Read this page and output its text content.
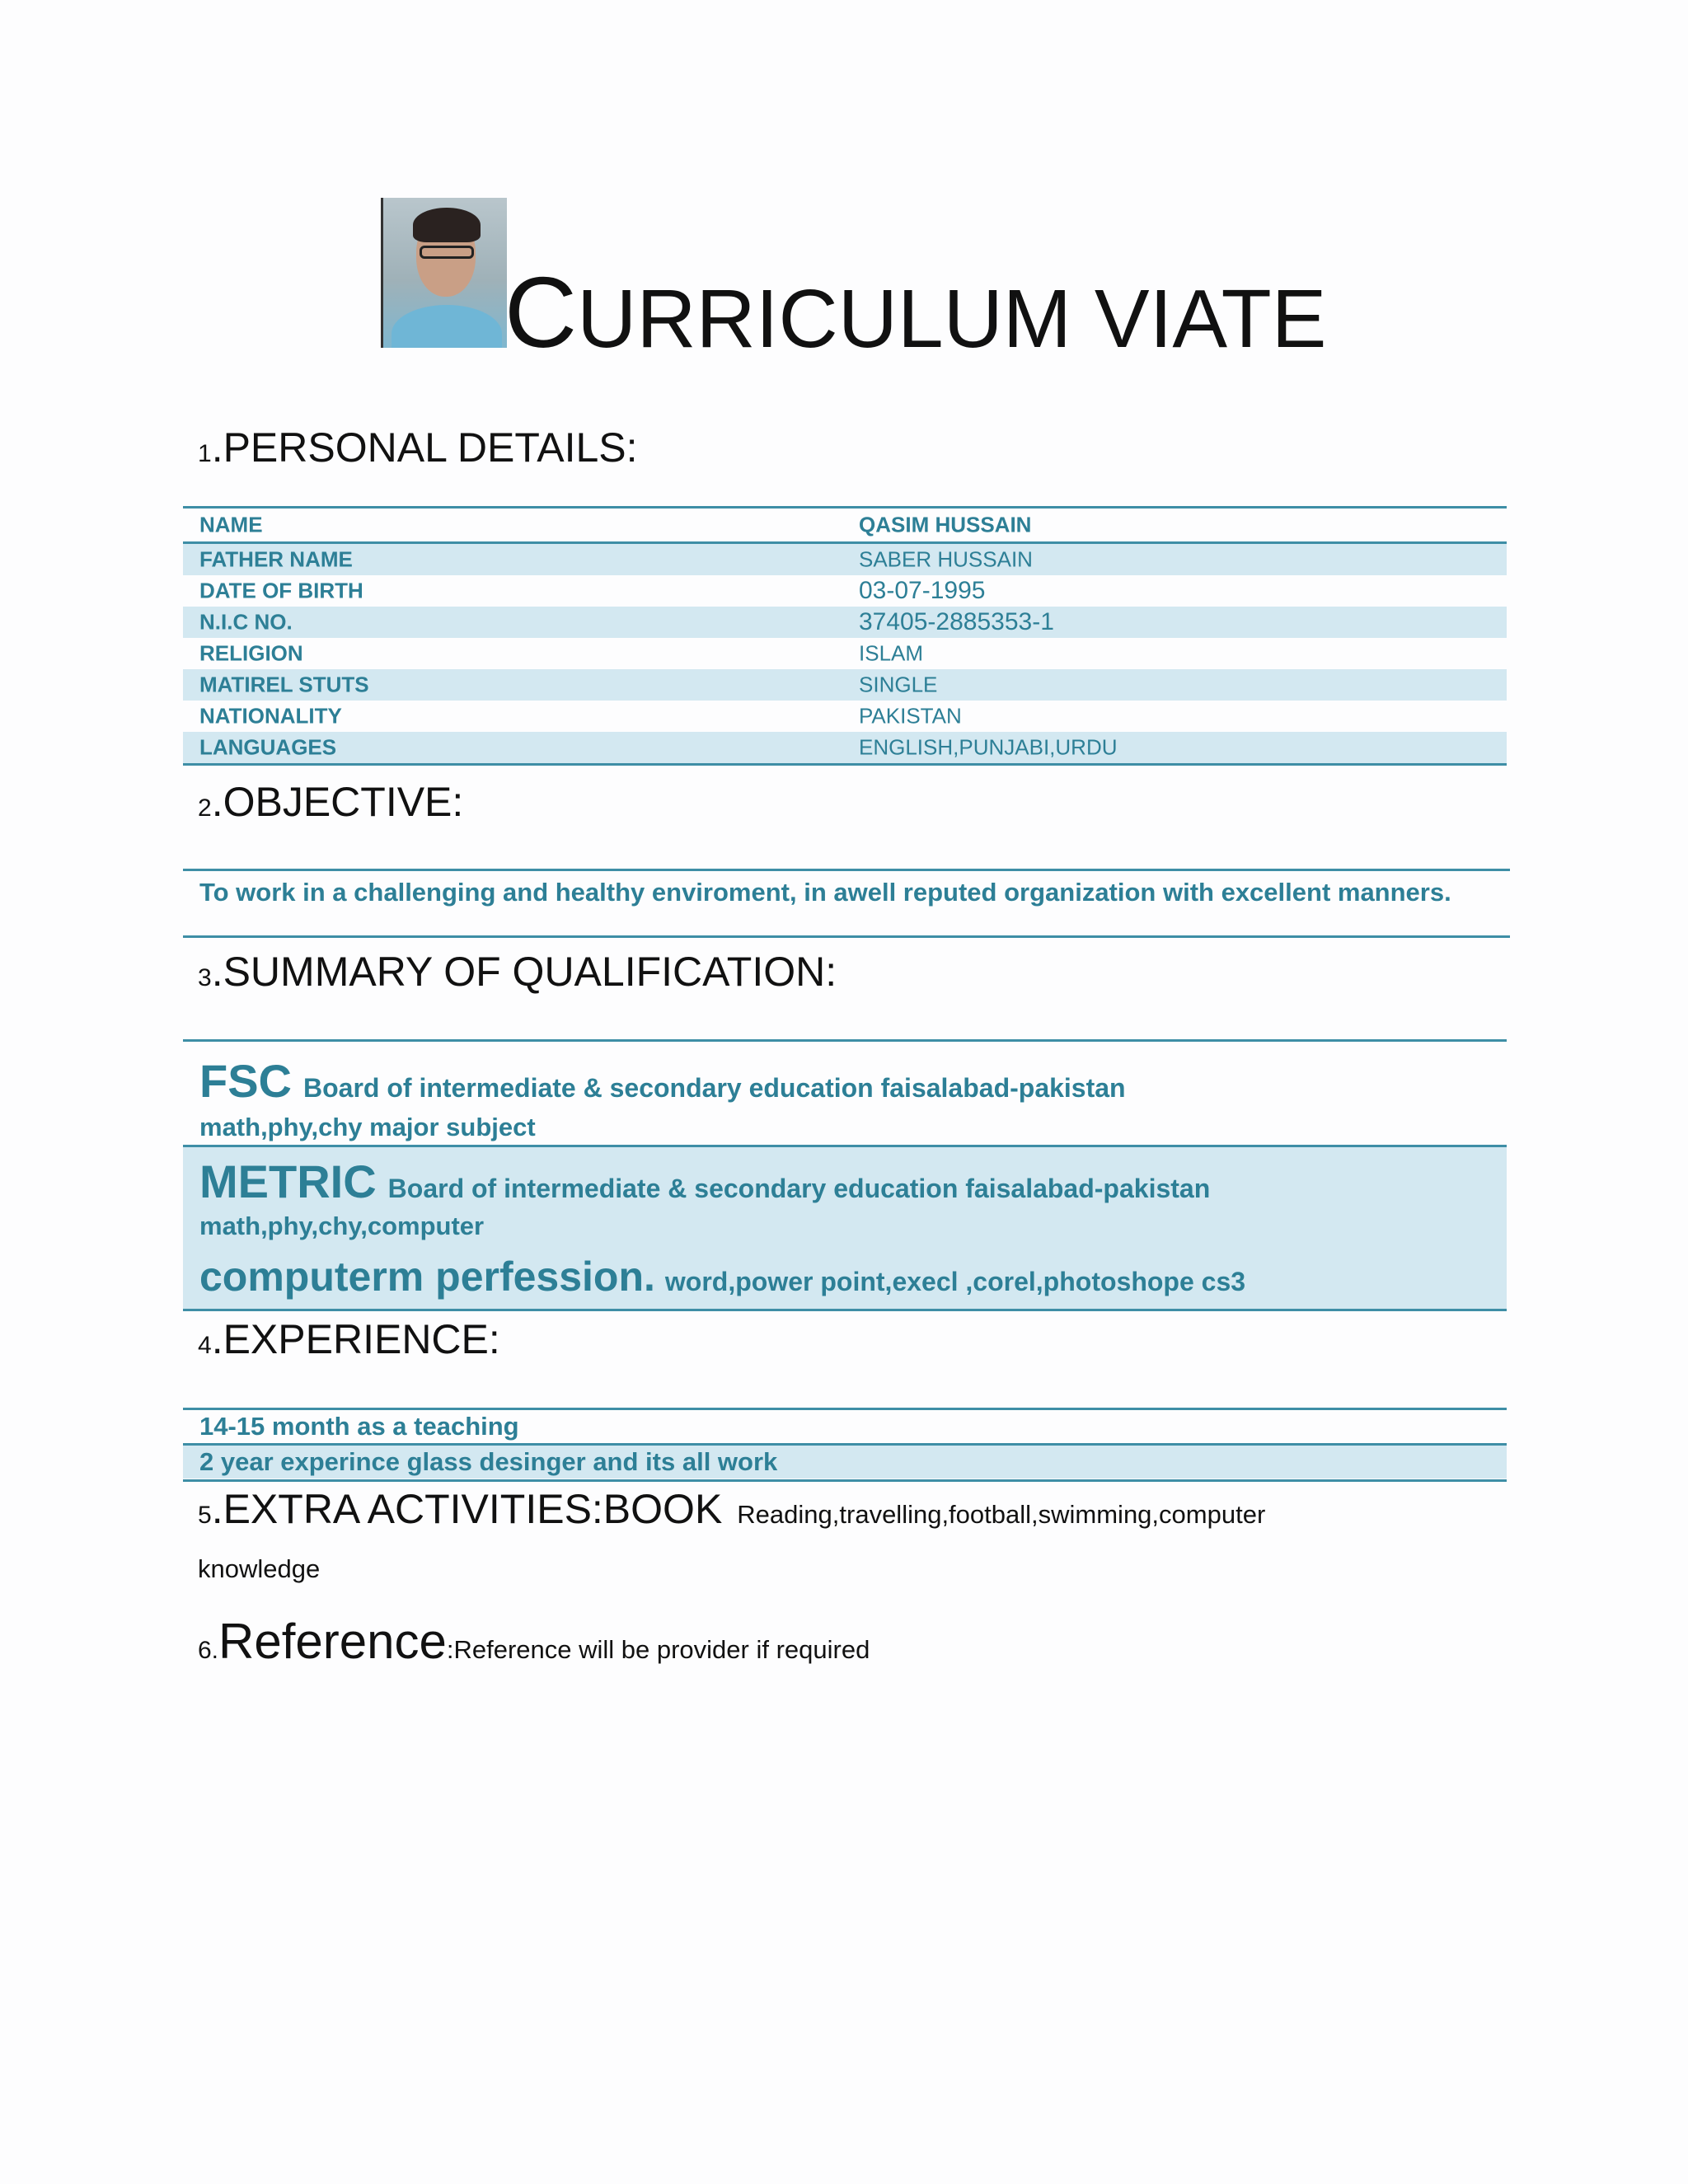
CURRICULUM VIATE
1.PERSONAL DETAILS:
NAME	QASIM HUSSAIN
FATHER NAME	SABER HUSSAIN
DATE OF BIRTH	03-07-1995
N.I.C NO.	37405-2885353-1
RELIGION	ISLAM
MATIREL STUTS	SINGLE
NATIONALITY	PAKISTAN
LANGUAGES	ENGLISH,PUNJABI,URDU
2.OBJECTIVE:
To work in a challenging and healthy enviroment, in awell reputed organization with excellent manners.
3.SUMMARY OF QUALIFICATION:
FSC Board of intermediate & secondary education faisalabad-pakistan
math,phy,chy major subject
METRIC Board of intermediate & secondary education faisalabad-pakistan
math,phy,chy,computer
computerm perfession. word,power point,execl ,corel,photoshope cs3
4.EXPERIENCE:
14-15 month as a teaching
2 year experince glass desinger and its all work
5.EXTRA ACTIVITIES:BOOK Reading,travelling,football,swimming,computer
knowledge
6.Reference:Reference will be provider if required
